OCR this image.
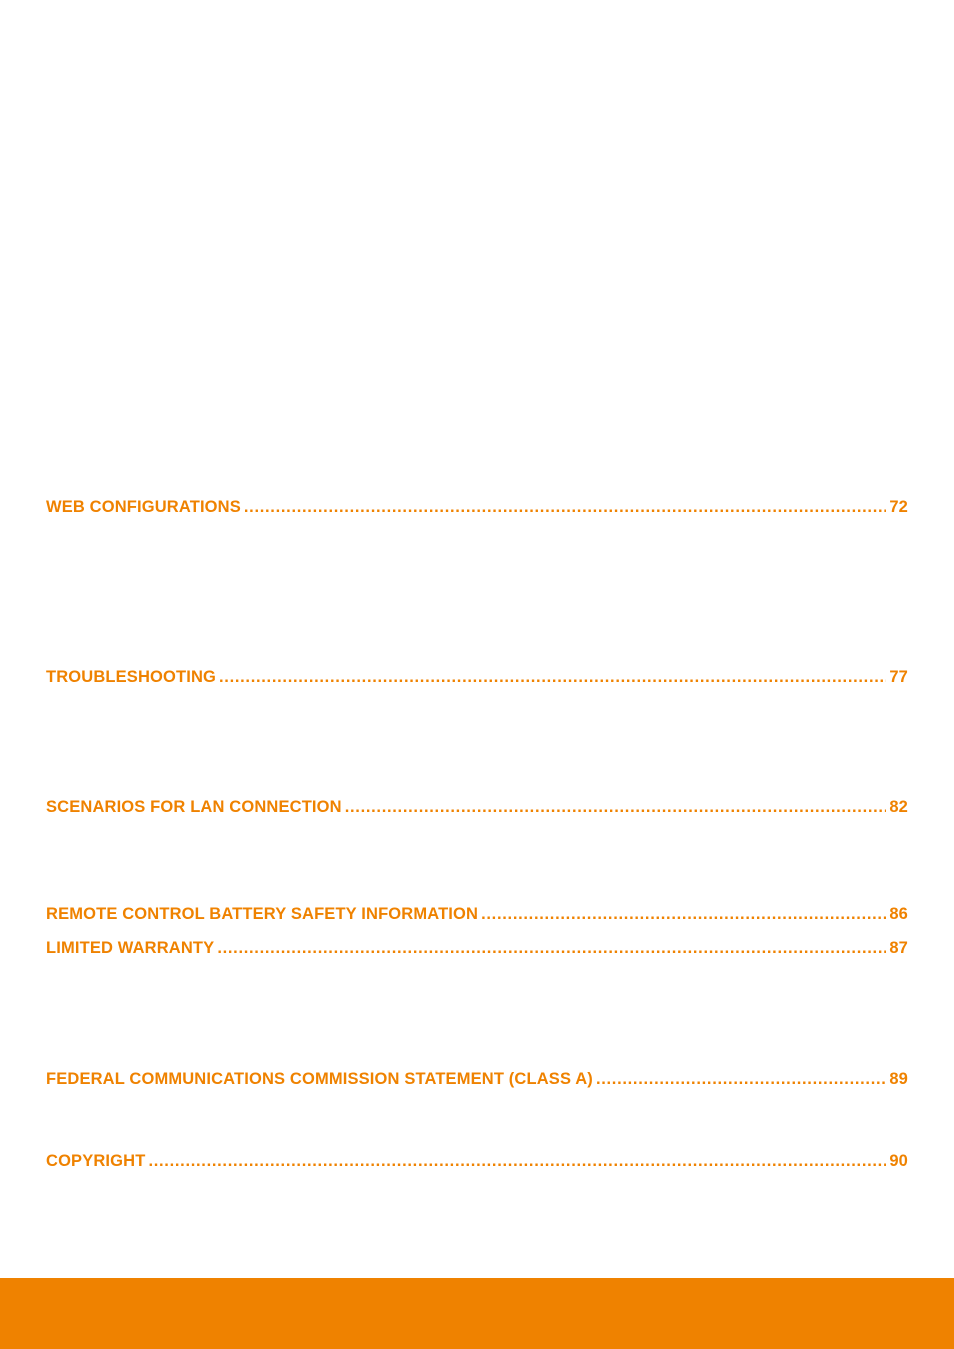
WEB CONFIGURATIONS .....	72
TROUBLESHOOTING .....	77
SCENARIOS FOR LAN CONNECTION .....	82
REMOTE CONTROL BATTERY SAFETY INFORMATION .....	86
LIMITED WARRANTY .....	87
FEDERAL COMMUNICATIONS COMMISSION STATEMENT (CLASS A) .....	89
COPYRIGHT .....	90
